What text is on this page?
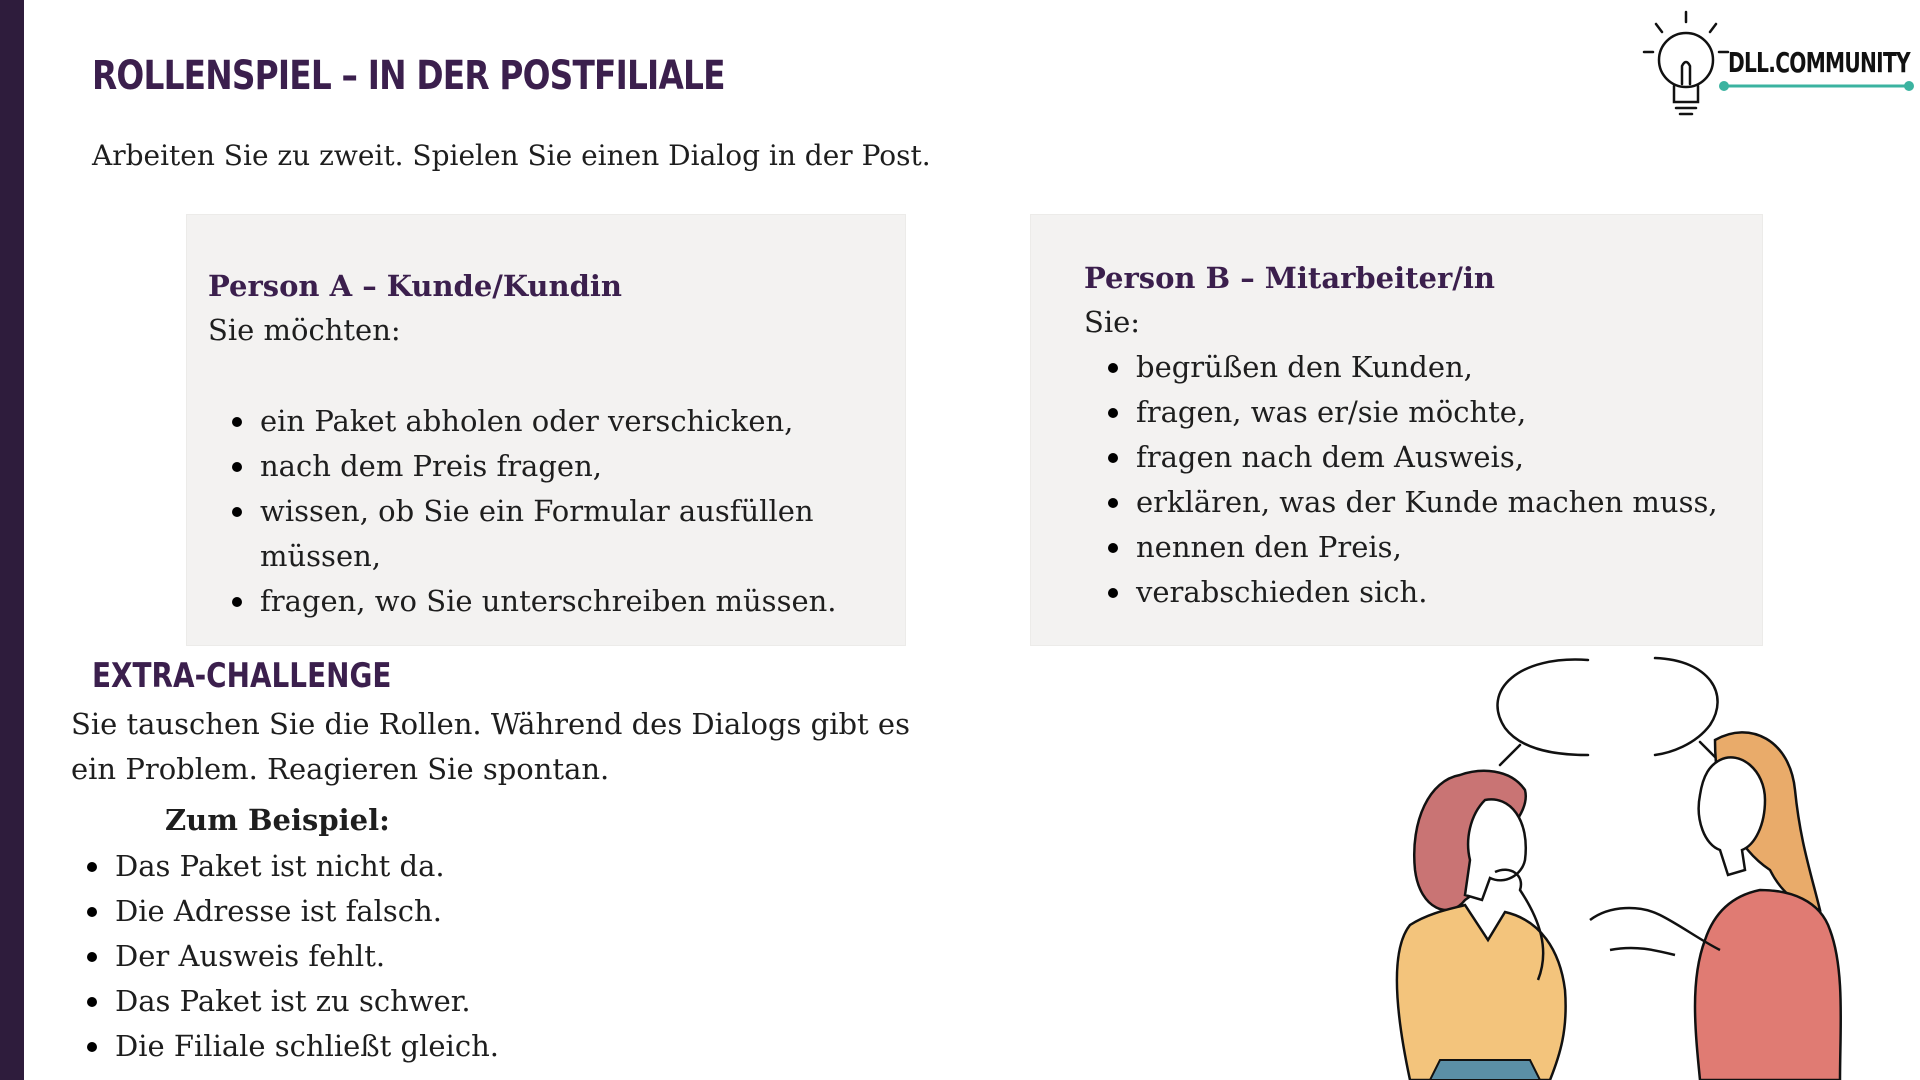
ROLLENSPIEL – IN DER POSTFILIALE
Arbeiten Sie zu zweit. Spielen Sie einen Dialog in der Post.
DLL.COMMUNITY
Person A – Kunde/Kundin

Sie möchten:

ein Paket abholen oder verschicken,
nach dem Preis fragen,
wissen, ob Sie ein Formular ausfüllen müssen,
fragen, wo Sie unterschreiben müssen.
Person B – Mitarbeiter/in

Sie:

begrüßen den Kunden,
fragen, was er/sie möchte,
fragen nach dem Ausweis,
erklären, was der Kunde machen muss,
nennen den Preis,
verabschieden sich.
EXTRA-CHALLENGE

Sie tauschen Sie die Rollen. Während des Dialogs gibt es ein Problem. Reagieren Sie spontan.

Zum Beispiel:
Das Paket ist nicht da.
Die Adresse ist falsch.
Der Ausweis fehlt.
Das Paket ist zu schwer.
Die Filiale schließt gleich.
